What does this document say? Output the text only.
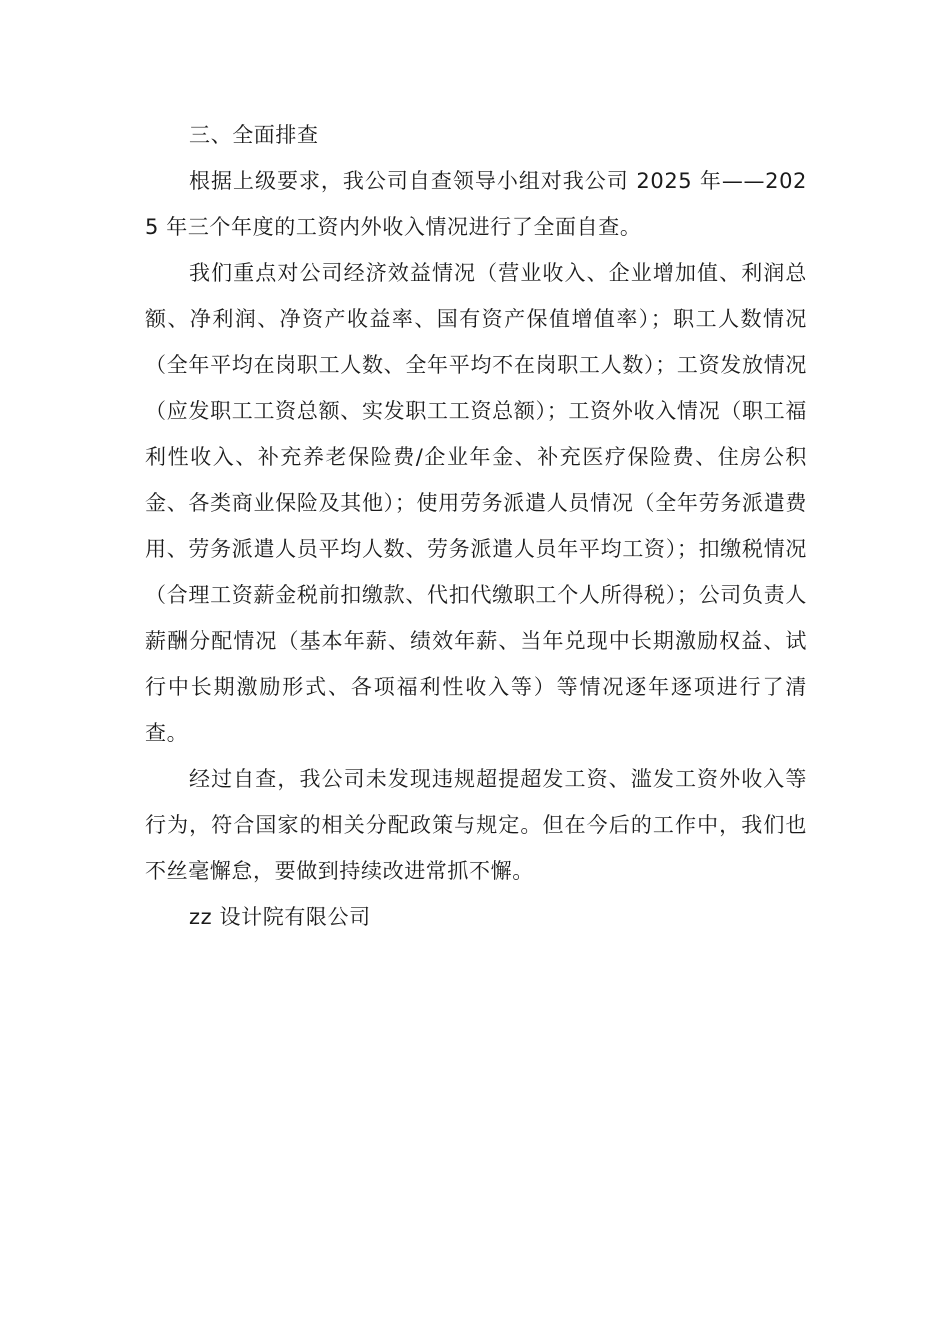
三、全面排查

根据上级要求，我公司自查领导小组对我公司 2025 年——2025 年三个年度的工资内外收入情况进行了全面自查。

我们重点对公司经济效益情况（营业收入、企业增加值、利润总额、净利润、净资产收益率、国有资产保值增值率）；职工人数情况（全年平均在岗职工人数、全年平均不在岗职工人数）；工资发放情况（应发职工工资总额、实发职工工资总额）；工资外收入情况（职工福利性收入、补充养老保险费/企业年金、补充医疗保险费、住房公积金、各类商业保险及其他）；使用劳务派遣人员情况（全年劳务派遣费用、劳务派遣人员平均人数、劳务派遣人员年平均工资）；扣缴税情况（合理工资薪金税前扣缴款、代扣代缴职工个人所得税）；公司负责人薪酬分配情况（基本年薪、绩效年薪、当年兑现中长期激励权益、试行中长期激励形式、各项福利性收入等）等情况逐年逐项进行了清查。

经过自查，我公司未发现违规超提超发工资、滥发工资外收入等行为，符合国家的相关分配政策与规定。但在今后的工作中，我们也不丝毫懈怠，要做到持续改进常抓不懈。

zz 设计院有限公司
